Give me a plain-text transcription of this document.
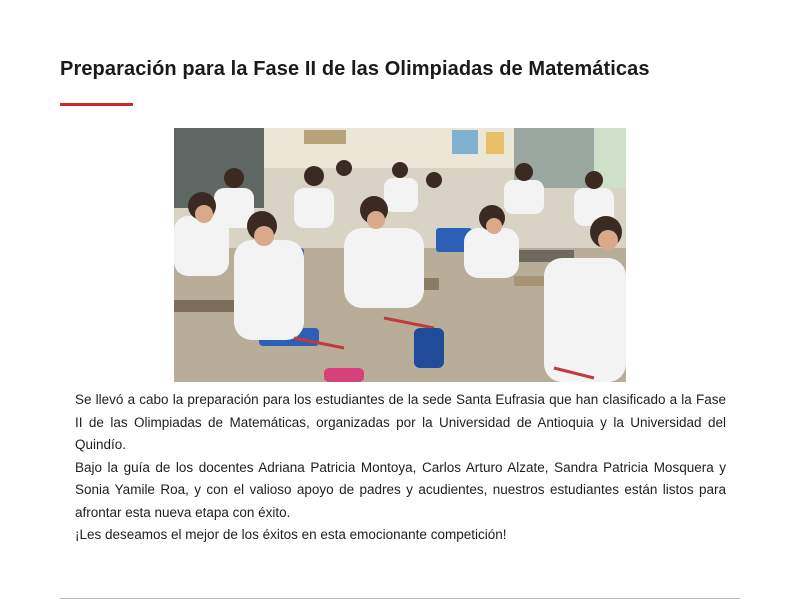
Preparación para la Fase II de las Olimpiadas de Matemáticas

Se llevó a cabo la preparación para los estudiantes de la sede Santa Eufrasia que han clasificado a la Fase II de las Olimpiadas de Matemáticas, organizadas por la Universidad de Antioquia y la Universidad del Quindío.

Bajo la guía de los docentes Adriana Patricia Montoya, Carlos Arturo Alzate, Sandra Patricia Mosquera y Sonia Yamile Roa, y con el valioso apoyo de padres y acudientes, nuestros estudiantes están listos para afrontar esta nueva etapa con éxito.

¡Les deseamos el mejor de los éxitos en esta emocionante competición!
